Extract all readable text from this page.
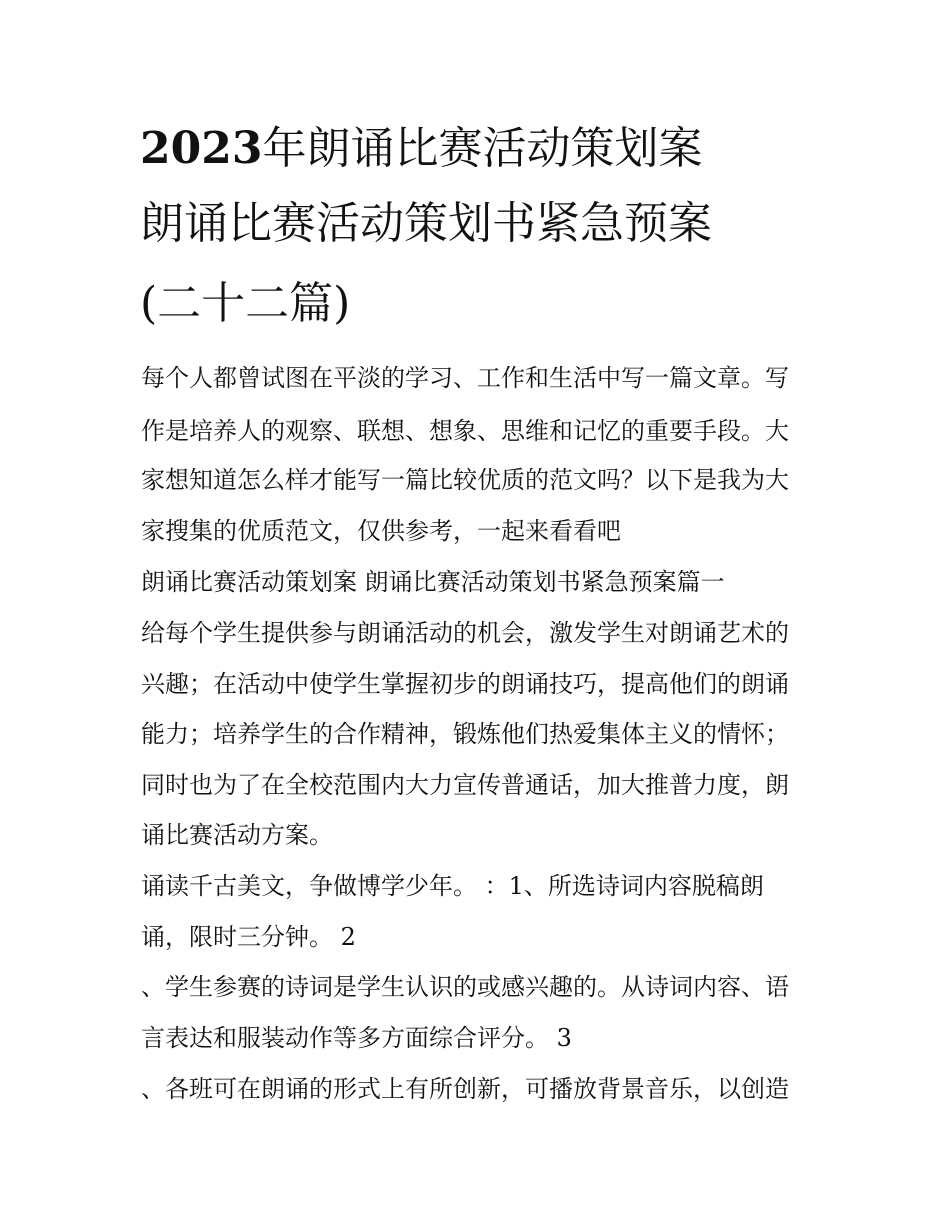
2023年朗诵比赛活动策划案
朗诵比赛活动策划书紧急预案
(二十二篇)
每个人都曾试图在平淡的学习、工作和生活中写一篇文章。写
作是培养人的观察、联想、想象、思维和记忆的重要手段。大
家想知道怎么样才能写一篇比较优质的范文吗？以下是我为大
家搜集的优质范文，仅供参考，一起来看看吧
朗诵比赛活动策划案 朗诵比赛活动策划书紧急预案篇一
给每个学生提供参与朗诵活动的机会，激发学生对朗诵艺术的
兴趣；在活动中使学生掌握初步的朗诵技巧，提高他们的朗诵
能力；培养学生的合作精神，锻炼他们热爱集体主义的情怀；
同时也为了在全校范围内大力宣传普通话，加大推普力度，朗
诵比赛活动方案。
诵读千古美文，争做博学少年。 ：1、所选诗词内容脱稿朗
诵，限时三分钟。 2
、学生参赛的诗词是学生认识的或感兴趣的。从诗词内容、语
言表达和服装动作等多方面综合评分。 3
、各班可在朗诵的形式上有所创新，可播放背景音乐，以创造
